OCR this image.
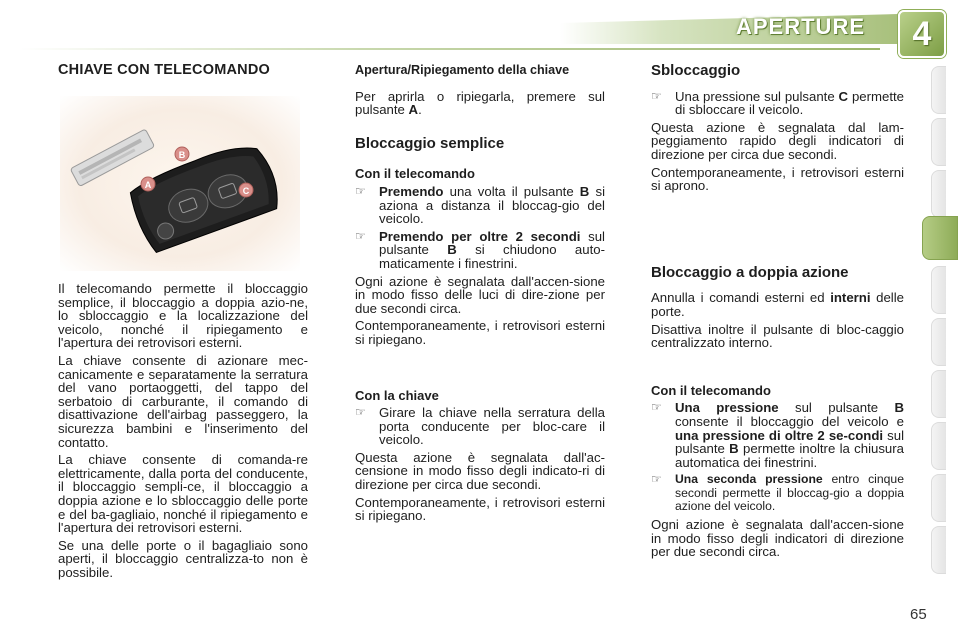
APERTURE	4
CHIAVE CON TELECOMANDO
B
C
A

Il telecomando permette il bloccaggio semplice, il bloccaggio a doppia azio-ne, lo sbloccaggio e la localizzazione del veicolo, nonché il ripiegamento e l'apertura dei retrovisori esterni.

La chiave consente di azionare mec-canicamente e separatamente la serratura del vano portaoggetti, del tappo del serbatoio di carburante, il comando di disattivazione dell'airbag passeggero, la sicurezza bambini e l'inserimento del contatto.

La chiave consente di comanda-re elettricamente, dalla porta del conducente, il bloccaggio sempli-ce, il bloccaggio a doppia azione e lo sbloccaggio delle porte e del ba-gagliaio, nonché il ripiegamento e l'apertura dei retrovisori esterni.

Se una delle porte o il bagagliaio sono aperti, il bloccaggio centralizza-to non è possibile.

Apertura/Ripiegamento della chiave

Per aprirla o ripiegarla, premere sul pulsante A.

Bloccaggio semplice
Con il telecomando
☞	Premendo una volta il pulsante B si aziona a distanza il bloccag-gio del veicolo.
☞	Premendo per oltre 2 secondi sul pulsante B si chiudono auto-maticamente i finestrini.

Ogni azione è segnalata dall'accen-sione in modo fisso delle luci di dire-zione per due secondi circa.

Contemporaneamente, i retrovisori esterni si ripiegano.

Con la chiave
☞	Girare la chiave nella serratura della porta conducente per bloc-care il veicolo.

Questa azione è segnalata dall'ac-censione in modo fisso degli indicato-ri di direzione per circa due secondi.

Contemporaneamente, i retrovisori esterni si ripiegano.

Sbloccaggio
☞	Una pressione sul pulsante C permette di sbloccare il veicolo.

Questa azione è segnalata dal lam-peggiamento rapido degli indicatori di direzione per circa due secondi.

Contemporaneamente, i retrovisori esterni si aprono.

Bloccaggio a doppia azione

Annulla i comandi esterni ed interni delle porte.

Disattiva inoltre il pulsante di bloc-caggio centralizzato interno.

Con il telecomando
☞	Una pressione sul pulsante B consente il bloccaggio del veicolo e una pressione di oltre 2 se-condi sul pulsante B permette inoltre la chiusura automatica dei finestrini.
☞	Una seconda pressione entro cinque secondi permette il bloccag-gio a doppia azione del veicolo.

Ogni azione è segnalata dall'accen-sione in modo fisso degli indicatori di direzione per due secondi circa.

65
